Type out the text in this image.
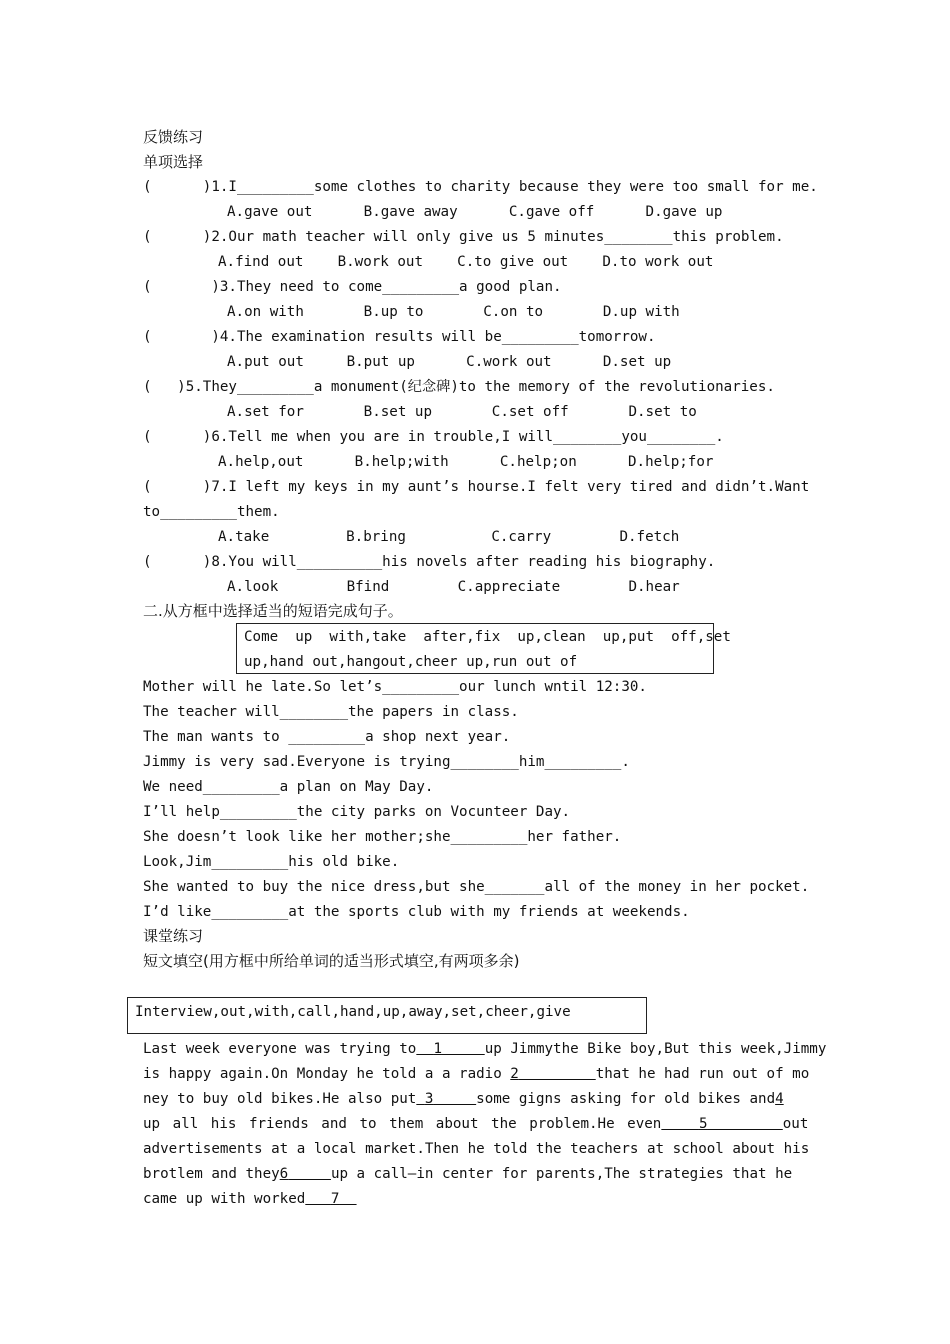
反馈练习
单项选择
(      )1.I_________some clothes to charity because they were too small for me.
A.gave out      B.gave away      C.gave off      D.gave up
(      )2.Our math teacher will only give us 5 minutes________this problem.
A.find out    B.work out    C.to give out    D.to work out
(       )3.They need to come_________a good plan.
A.on with       B.up to       C.on to       D.up with
(       )4.The examination results will be_________tomorrow.
A.put out     B.put up      C.work out      D.set up
(   )5.They_________a monument(纪念碑)to the memory of the revolutionaries.
A.set for       B.set up       C.set off       D.set to
(      )6.Tell me when you are in trouble,I will________you________.
A.help,out      B.help;with      C.help;on      D.help;for
(      )7.I left my keys in my aunt’s hourse.I felt very tired and didn’t.Want
to_________them.
A.take         B.bring          C.carry        D.fetch
(      )8.You will__________his novels after reading his biography.
A.look        Bfind        C.appreciate        D.hear
二.从方框中选择适当的短语完成句子。
Come  up  with,take  after,fix  up,clean  up,put  off,set
up,hand out,hangout,cheer up,run out of
Mother will he late.So let’s_________our lunch wntil 12:30.
The teacher will________the papers in class.
The man wants to _________a shop next year.
Jimmy is very sad.Everyone is trying________him_________.
We need_________a plan on May Day.
I’ll help_________the city parks on Vocunteer Day.
She doesn’t look like her mother;she_________her father.
Look,Jim_________his old bike.
She wanted to buy the nice dress,but she_______all of the money in her pocket.
I’d like_________at the sports club with my friends at weekends.
课堂练习
短文填空(用方框中所给单词的适当形式填空,有两项多余)
Interview,out,with,call,hand,up,away,set,cheer,give
Last week everyone was trying to 1	up Jimmythe Bike boy,But this week,Jimmy
is happy again.On Monday he told a a radio 2	that he had run out of mo
ney to buy old bikes.He also put 3	some gigns asking for old bikes and4
up all his friends and to them about the problem.He even	5	out
advertisements at a local market.Then he told the teachers at school about his
brotlem and they6	up a call—in center for parents,The strategies that he
came up with worked 7
